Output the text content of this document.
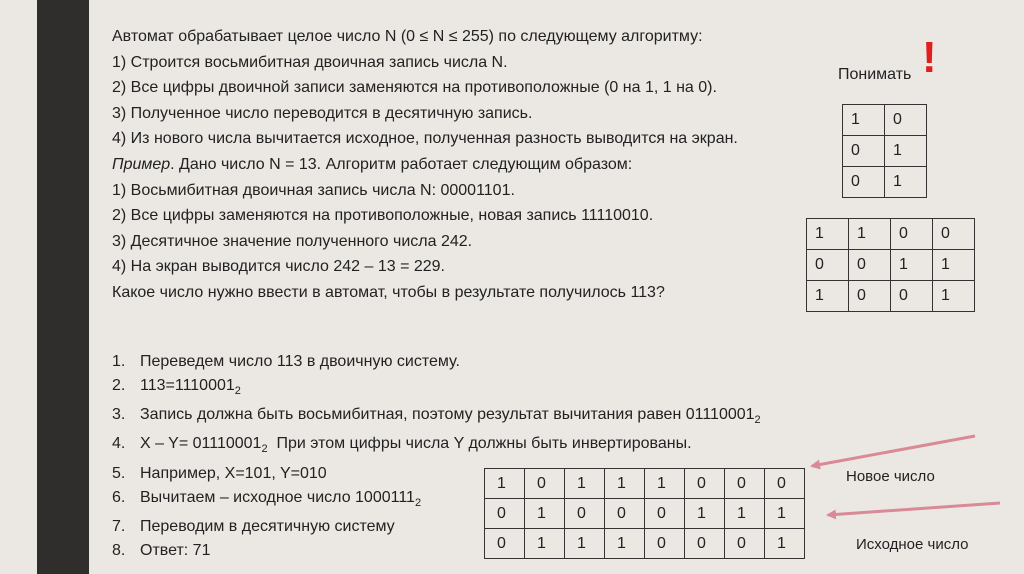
Автомат обрабатывает целое число N (0 ≤ N ≤ 255) по следующему алгоритму:
1) Строится восьмибитная двоичная запись числа N.
2) Все цифры двоичной записи заменяются на противоположные (0 на 1, 1 на 0).
3) Полученное число переводится в десятичную запись.
4) Из нового числа вычитается исходное, полученная разность выводится на экран.
Пример. Дано число N = 13. Алгоритм работает следующим образом:
1) Восьмибитная двоичная запись числа N: 00001101.
2) Все цифры заменяются на противоположные, новая запись 11110010.
3) Десятичное значение полученного числа 242.
4) На экран выводится число 242 – 13 = 229.
Какое число нужно ввести в автомат, чтобы в результате получилось 113?
Понимать !
1	0
0	1
0	1
1	1	0	0
0	0	1	1
1	0	0	1
1. Переведем число 113 в двоичную систему.
2. $113=1110001_2$
3. Запись должна быть восьмибитная, поэтому результат вычитания равен $01110001_2$
4. $X - Y= 01110001_2$  При этом цифры числа Y должны быть инвертированы.
5. Например, X=101, Y=010
6. Вычитаем – исходное число $1000111_2$
7. Переводим в десятичную систему
8. Ответ: 71
1	0	1	1	1	0	0	0
0	1	0	0	0	1	1	1
0	1	1	1	0	0	0	1
Новое число
Исходное число
